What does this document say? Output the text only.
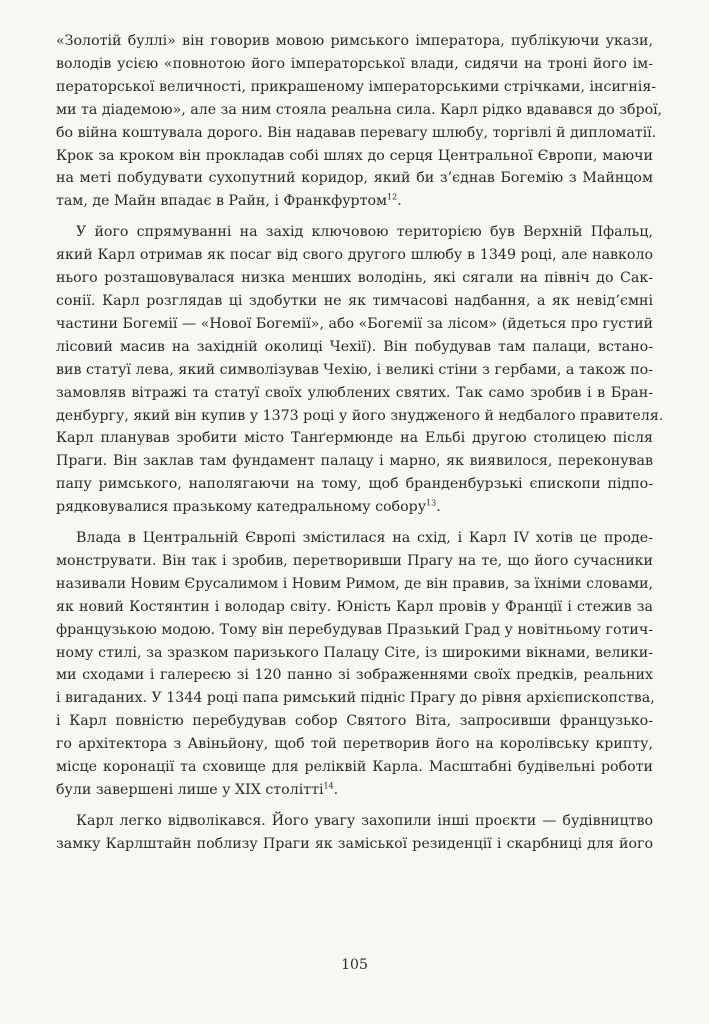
«Золотій буллі» він говорив мовою римського імператора, публікуючи укази,
володів усією «повнотою його імператорської влади, сидячи на троні його ім-
ператорської величності, прикрашеному імператорськими стрічками, інсигнія-
ми та діадемою», але за ним стояла реальна сила. Карл рідко вдавався до зброї,
бо війна коштувала дорого. Він надавав перевагу шлюбу, торгівлі й дипломатії.
Крок за кроком він прокладав собі шлях до серця Центральної Європи, маючи
на меті побудувати сухопутний коридор, який би з’єднав Богемію з Майнцом
там, де Майн впадає в Райн, і Франкфуртом$^{12}$.
У його спрямуванні на захід ключовою територією був Верхній Пфальц,
який Карл отримав як посаг від свого другого шлюбу в 1349 році, але навколо
нього розташовувалася низка менших володінь, які сягали на північ до Сак-
сонії. Карл розглядав ці здобутки не як тимчасові надбання, а як невід’ємні
частини Богемії — «Нової Богемії», або «Богемії за лісом» (йдеться про густий
лісовий масив на західній околиці Чехії). Він побудував там палаци, встано-
вив статуї лева, який символізував Чехію, і великі стіни з гербами, а також по-
замовляв вітражі та статуї своїх улюблених святих. Так само зробив і в Бран-
денбургу, який він купив у 1373 році у його знудженого й недбалого правителя.
Карл планував зробити місто Танґермюнде на Ельбі другою столицею після
Праги. Він заклав там фундамент палацу і марно, як виявилося, переконував
папу римського, наполягаючи на тому, щоб бранденбурзькі єпископи підпо-
рядковувалися празькому катедральному собору$^{13}$.
Влада в Центральній Європі змістилася на схід, і Карл IV хотів це проде-
монструвати. Він так і зробив, перетворивши Прагу на те, що його сучасники
називали Новим Єрусалимом і Новим Римом, де він правив, за їхніми словами,
як новий Костянтин і володар світу. Юність Карл провів у Франції і стежив за
французькою модою. Тому він перебудував Празький Град у новітньому готич-
ному стилі, за зразком паризького Палацу Сіте, із широкими вікнами, велики-
ми сходами і галереєю зі 120 панно зі зображеннями своїх предків, реальних
і вигаданих. У 1344 році папа римський підніс Прагу до рівня архієпископства,
і Карл повністю перебудував собор Святого Віта, запросивши французько-
го архітектора з Авіньйону, щоб той перетворив його на королівську крипту,
місце коронації та сховище для реліквій Карла. Масштабні будівельні роботи
були завершені лише у XIX столітті$^{14}$.
Карл легко відволікався. Його увагу захопили інші проєкти — будівництво
замку Карлштайн поблизу Праги як заміської резиденції і скарбниці для його
105
